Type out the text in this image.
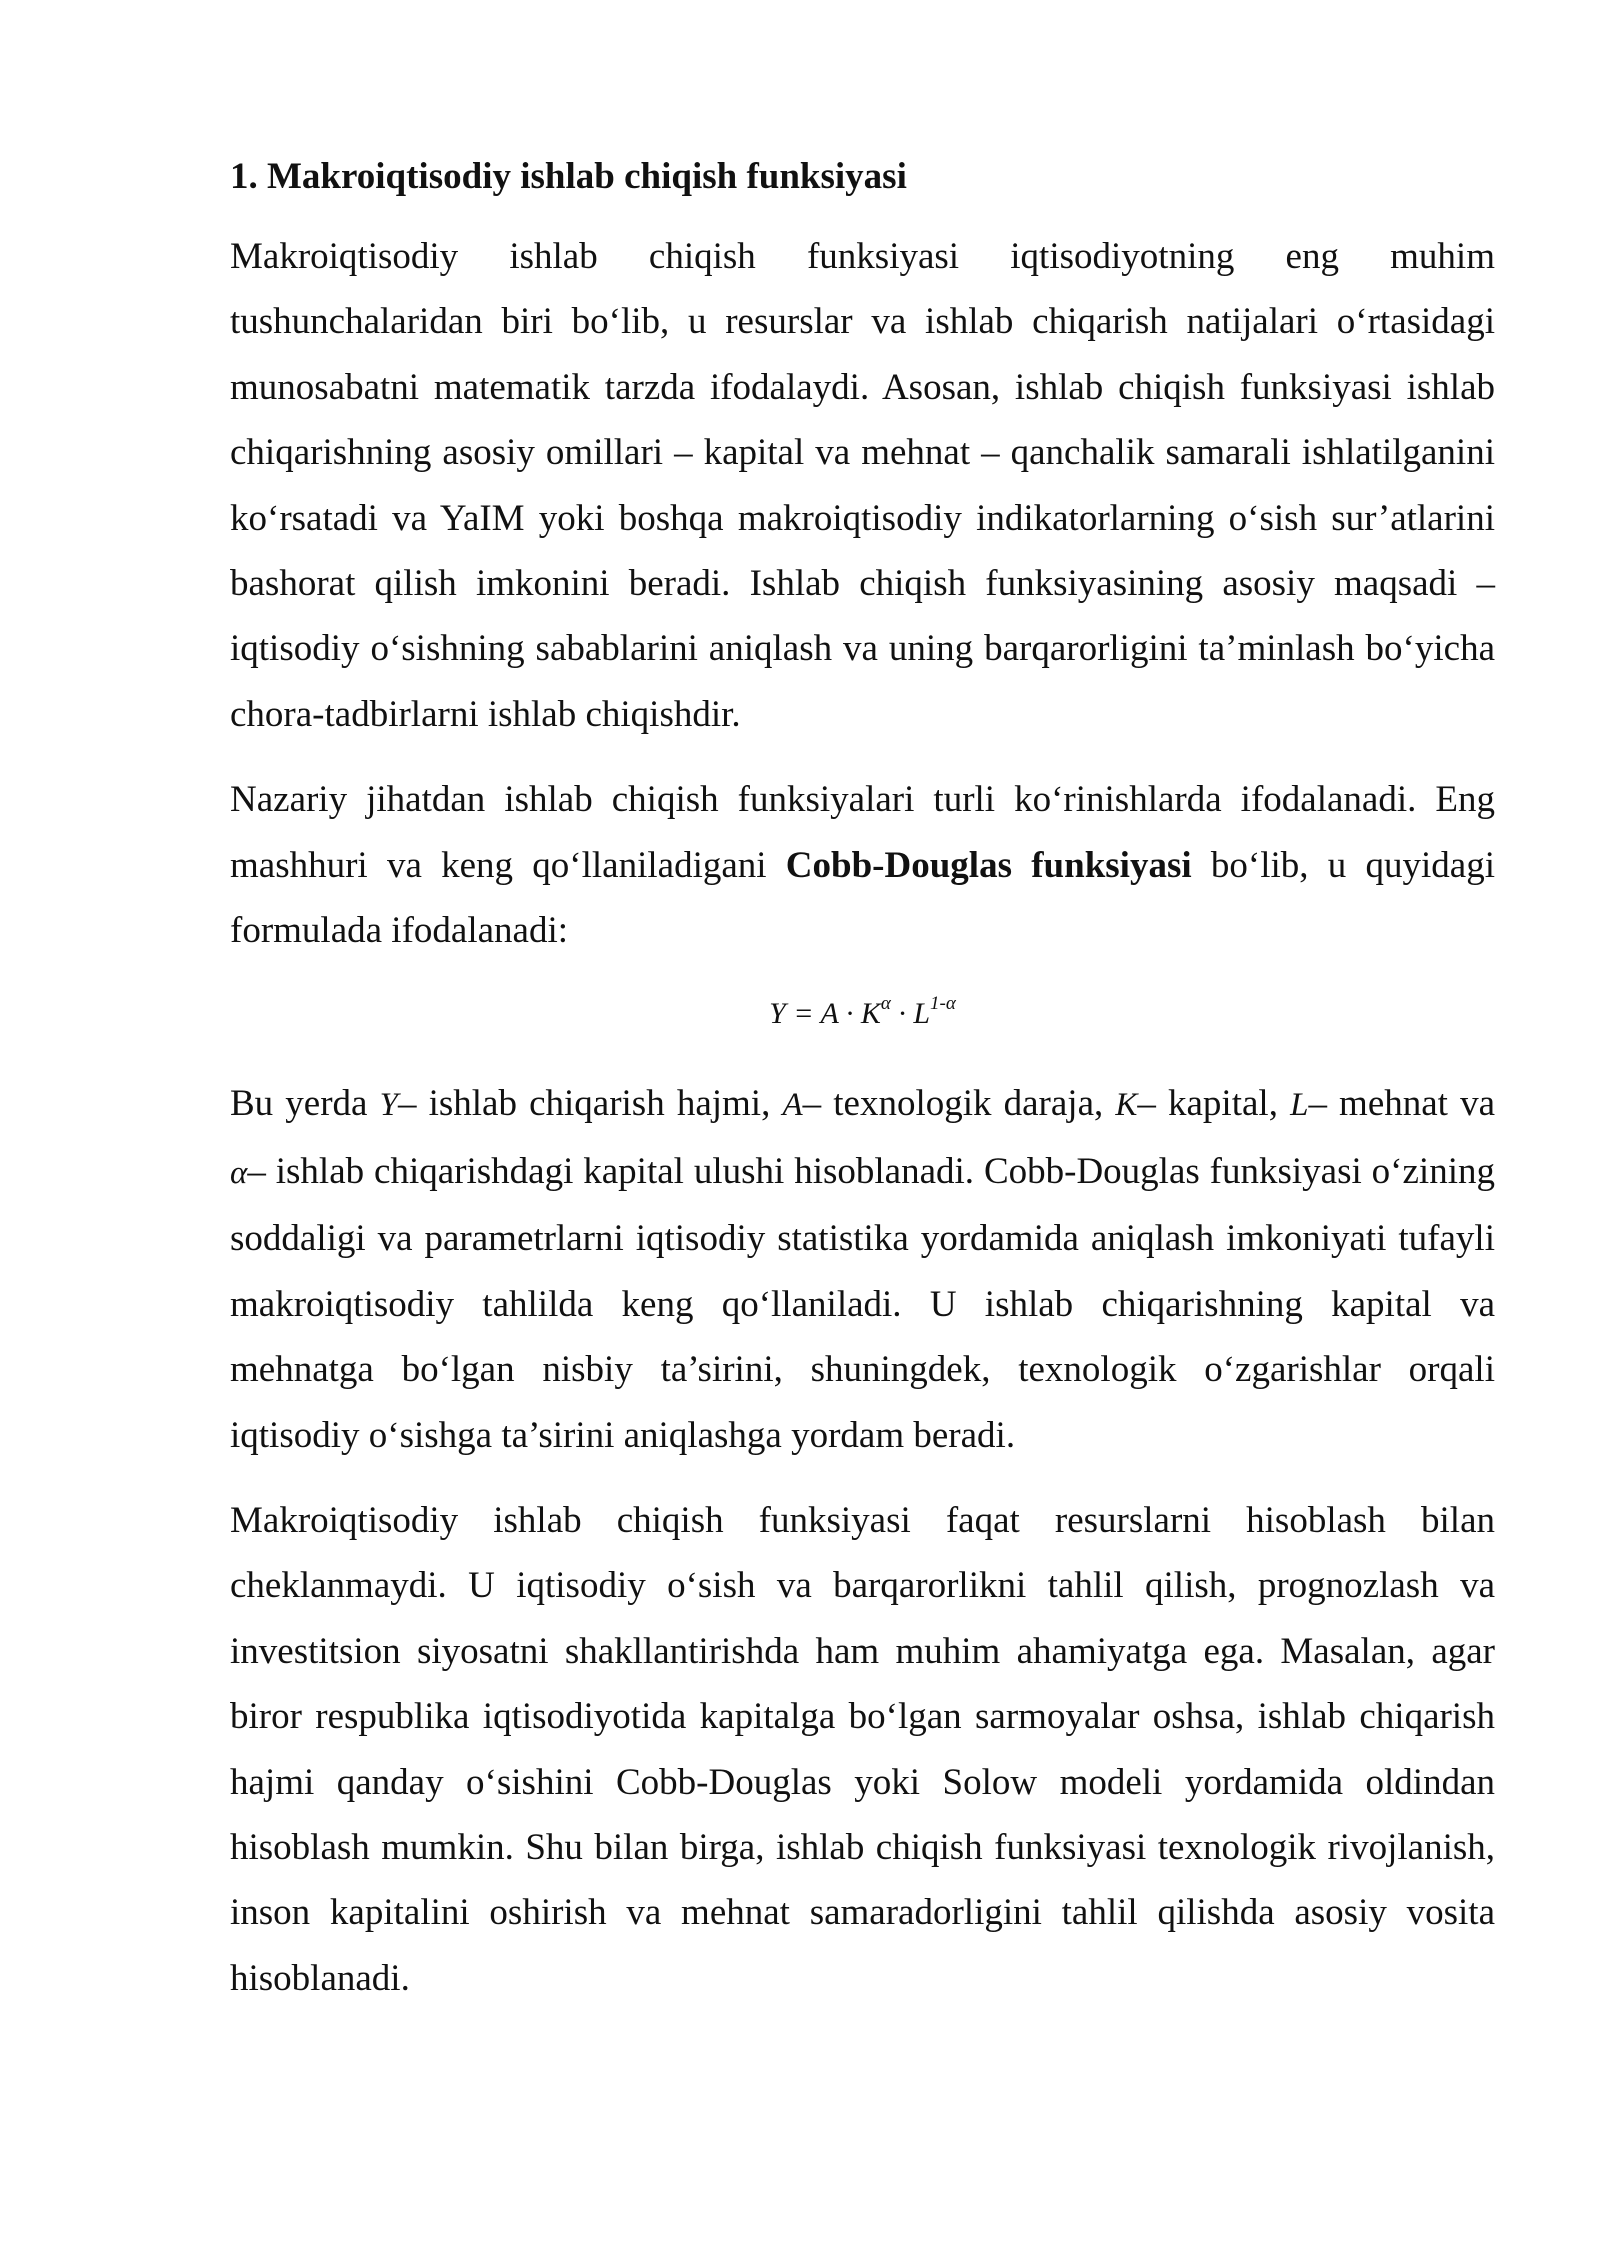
1. Makroiqtisodiy ishlab chiqish funksiyasi

Makroiqtisodiy ishlab chiqish funksiyasi iqtisodiyotning eng muhim tushunchalaridan biri bo‘lib, u resurslar va ishlab chiqarish natijalari o‘rtasidagi munosabatni matematik tarzda ifodalaydi. Asosan, ishlab chiqish funksiyasi ishlab chiqarishning asosiy omillari – kapital va mehnat – qanchalik samarali ishlatilganini ko‘rsatadi va YaIM yoki boshqa makroiqtisodiy indikatorlarning o‘sish sur’atlarini bashorat qilish imkonini beradi. Ishlab chiqish funksiyasining asosiy maqsadi – iqtisodiy o‘sishning sabablarini aniqlash va uning barqarorligini ta’minlash bo‘yicha chora-tadbirlarni ishlab chiqishdir.

Nazariy jihatdan ishlab chiqish funksiyalari turli ko‘rinishlarda ifodalanadi. Eng mashhuri va keng qo‘llaniladigani Cobb-Douglas funksiyasi bo‘lib, u quyidagi formulada ifodalanadi:

$Y = A \cdot K^\alpha \cdot L^{1-\alpha}$

Bu yerda Y– ishlab chiqarish hajmi, A– texnologik daraja, K– kapital, L– mehnat va α– ishlab chiqarishdagi kapital ulushi hisoblanadi. Cobb-Douglas funksiyasi o‘zining soddaligi va parametrlarni iqtisodiy statistika yordamida aniqlash imkoniyati tufayli makroiqtisodiy tahlilda keng qo‘llaniladi. U ishlab chiqarishning kapital va mehnatga bo‘lgan nisbiy ta’sirini, shuningdek, texnologik o‘zgarishlar orqali iqtisodiy o‘sishga ta’sirini aniqlashga yordam beradi.

Makroiqtisodiy ishlab chiqish funksiyasi faqat resurslarni hisoblash bilan cheklanmaydi. U iqtisodiy o‘sish va barqarorlikni tahlil qilish, prognozlash va investitsion siyosatni shakllantirishda ham muhim ahamiyatga ega. Masalan, agar biror respublika iqtisodiyotida kapitalga bo‘lgan sarmoyalar oshsa, ishlab chiqarish hajmi qanday o‘sishini Cobb-Douglas yoki Solow modeli yordamida oldindan hisoblash mumkin. Shu bilan birga, ishlab chiqish funksiyasi texnologik rivojlanish, inson kapitalini oshirish va mehnat samaradorligini tahlil qilishda asosiy vosita hisoblanadi.
